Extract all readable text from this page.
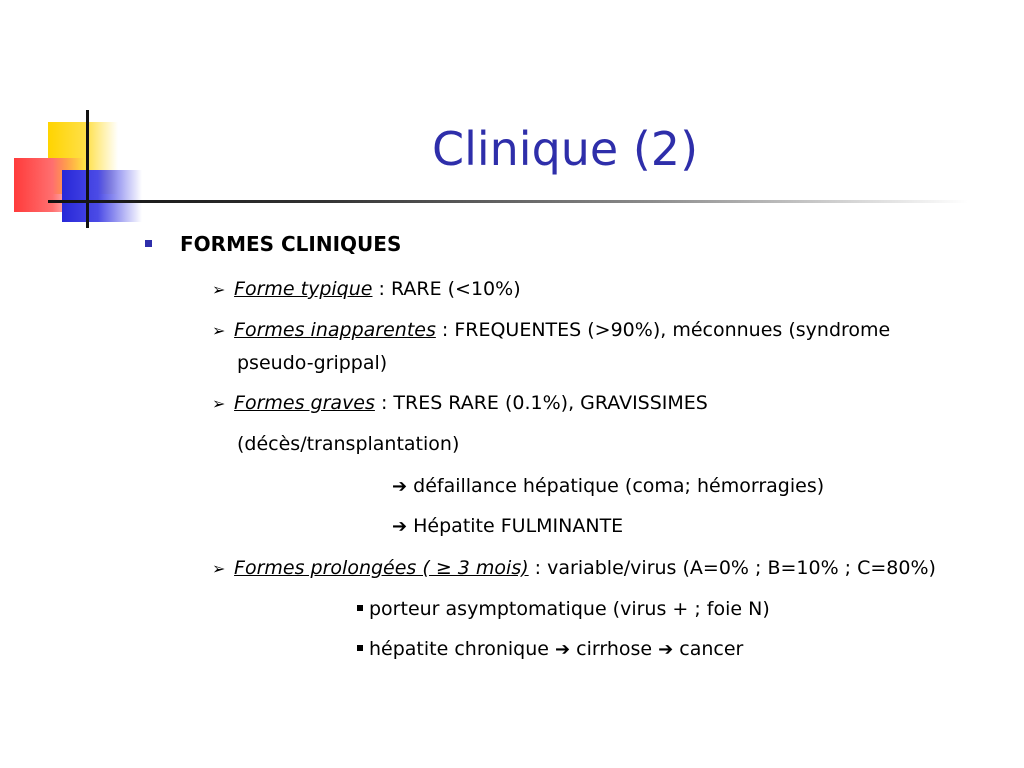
Clinique (2)
FORMES CLINIQUES
➢ Forme typique : RARE (<10%)
➢ Formes inapparentes : FREQUENTES (>90%), méconnues (syndrome
pseudo-grippal)
➢ Formes graves : TRES RARE (0.1%), GRAVISSIMES
(décès/transplantation)
➔ défaillance hépatique (coma; hémorragies)
➔ Hépatite FULMINANTE
➢ Formes prolongées ( ≥ 3 mois) : variable/virus (A=0% ; B=10% ; C=80%)
porteur asymptomatique (virus + ; foie N)
hépatite chronique ➔ cirrhose ➔ cancer
